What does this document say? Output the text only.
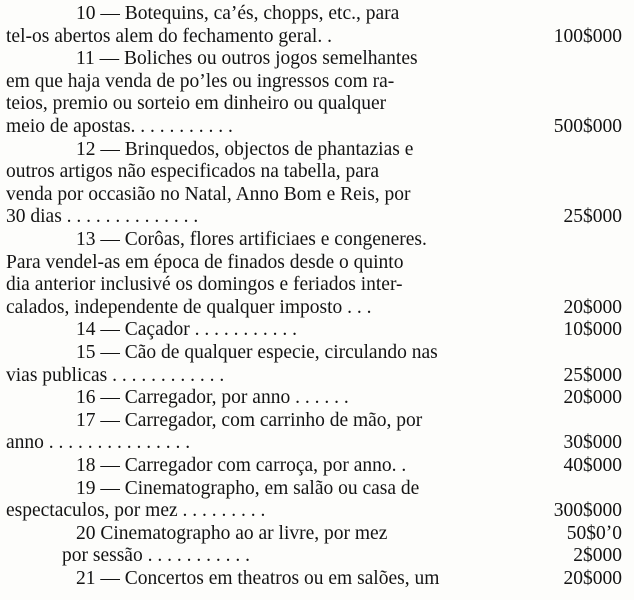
10 — Botequins, ca’és, chopps, etc., para
tel-os abertos alem do fechamento geral. .	100$000
11 — Boliches ou outros jogos semelhantes
em que haja venda de po’les ou ingressos com ra-
teios, premio ou sorteio em dinheiro ou qualquer
meio de apostas. . . . . . . . . . .	500$000
12 — Brinquedos, objectos de phantazias e
outros artigos não especificados na tabella, para
venda por occasião no Natal, Anno Bom e Reis, por
30 dias . . . . . . . . . . . . . .	25$000
13 — Corôas, flores artificiaes e congeneres.
Para vendel-as em época de finados desde o quinto
dia anterior inclusivé os domingos e feriados inter-
calados, independente de qualquer imposto . . .	20$000
14 — Caçador . . . . . . . . . . .	10$000
15 — Cão de qualquer especie, circulando nas
vias publicas . . . . . . . . . . . .	25$000
16 — Carregador, por anno . . . . . .	20$000
17 — Carregador, com carrinho de mão, por
anno . . . . . . . . . . . . . . .	30$000
18 — Carregador com carroça, por anno. .	40$000
19 — Cinematographo, em salão ou casa de
espectaculos, por mez . . . . . . . . .	300$000
20 Cinematographo ao ar livre, por mez	50$0ʼ0
por sessão . . . . . . . . . . .	2$000
21 — Concertos em theatros ou em salões, um	20$000
